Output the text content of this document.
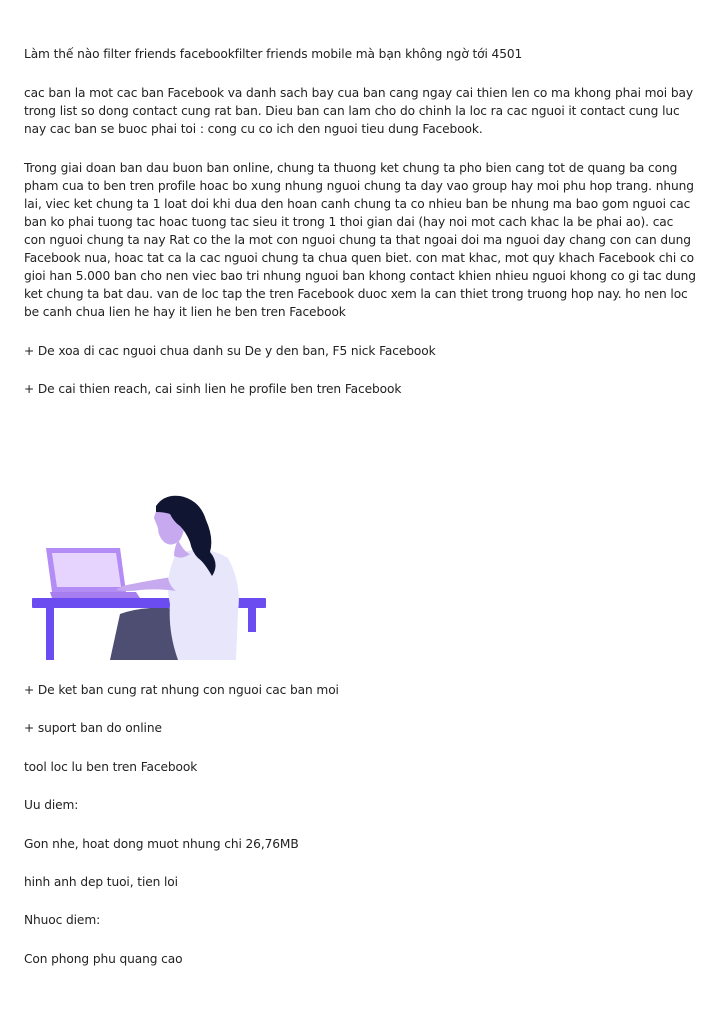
Làm thế nào filter friends facebookfilter friends mobile mà bạn không ngờ tới 4501

cac ban la mot cac ban Facebook va danh sach bay cua ban cang ngay cai thien len co ma khong phai moi bay trong list so dong contact cung rat ban. Dieu ban can lam cho do chinh la loc ra cac nguoi it contact cung luc nay cac ban se buoc phai toi : cong cu co ich den nguoi tieu dung Facebook.

Trong giai doan ban dau buon ban online, chung ta thuong ket chung ta pho bien cang tot de quang ba cong pham cua to ben tren profile hoac bo xung nhung nguoi chung ta day vao group hay moi phu hop trang. nhung lai, viec ket chung ta 1 loat doi khi dua den hoan canh chung ta co nhieu ban be nhung ma bao gom nguoi cac ban ko phai tuong tac hoac tuong tac sieu it trong 1 thoi gian dai (hay noi mot cach khac la be phai ao). cac con nguoi chung ta nay Rat co the la mot con nguoi chung ta that ngoai doi ma nguoi day chang con can dung Facebook nua, hoac tat ca la cac nguoi chung ta chua quen biet. con mat khac, mot quy khach Facebook chi co gioi han 5.000 ban cho nen viec bao tri nhung nguoi ban khong contact khien nhieu nguoi khong co gi tac dung ket chung ta bat dau. van de loc tap the tren Facebook duoc xem la can thiet trong truong hop nay. ho nen loc be canh chua lien he hay it lien he ben tren Facebook

+ De xoa di cac nguoi chua danh su De y den ban, F5 nick Facebook

+ De cai thien reach, cai sinh lien he profile ben tren Facebook

+ De ket ban cung rat nhung con nguoi cac ban moi

+ suport ban do online

tool loc lu ben tren Facebook

Uu diem:

Gon nhe, hoat dong muot nhung chi 26,76MB

hinh anh dep tuoi, tien loi

Nhuoc diem:

Con phong phu quang cao
